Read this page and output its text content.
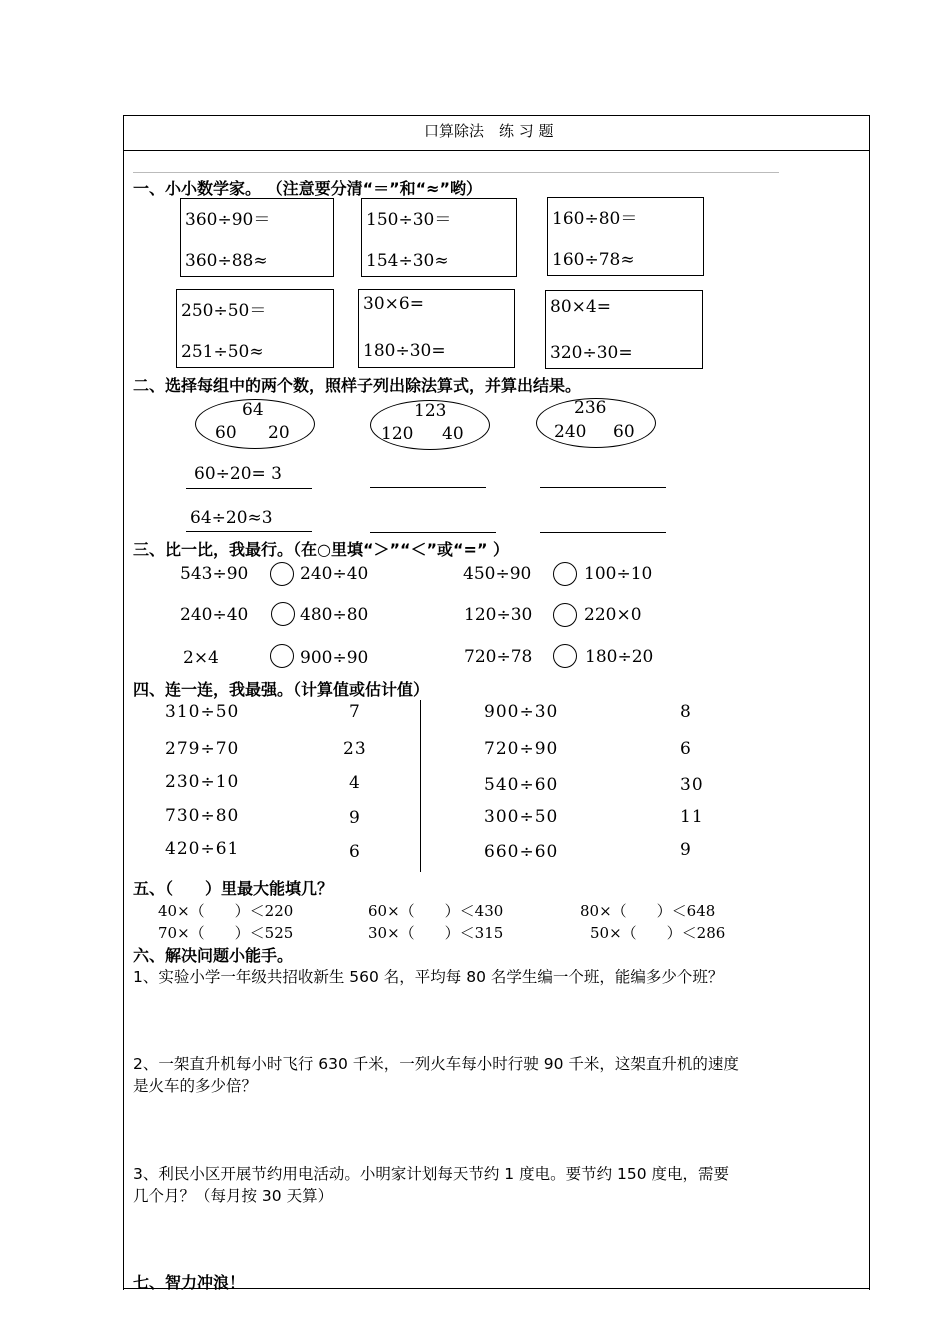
口算除法　练 习 题
一、小小数学家。 （注意要分清“＝”和“≈”哟）
360÷90＝
360÷88≈
150÷30＝
154÷30≈
160÷80＝
160÷78≈
250÷50＝
251÷50≈
30×6=
180÷30=
80×4=
320÷30=
二、选择每组中的两个数，照样子列出除法算式，并算出结果。
64
60 20
123
120 40
236
240 60
60÷20= 3
64÷20≈3
三、比一比，我最行。（在○里填“＞”“＜”或“=” ）
543÷90	240÷40	450÷90	100÷10
240÷40	480÷80	120÷30	220×0
2×4	900÷90	720÷78	180÷20
四、连一连，我最强。（计算值或估计值）
310÷50
279÷70
230÷10
730÷80
420÷61
7
23
4
9
6
900÷30
720÷90
540÷60
300÷50
660÷60
8
6
30
11
9
五、（　　）里最大能填几？
40×（　　）＜220	60×（　　）＜430	80×（　　）＜648
70×（　　）＜525	30×（　　）＜315	50×（　　）＜286
六、解决问题小能手。
1、实验小学一年级共招收新生 560 名，平均每 80 名学生编一个班，能编多少个班？
2、一架直升机每小时飞行 630 千米，一列火车每小时行驶 90 千米，这架直升机的速度
是火车的多少倍？
3、利民小区开展节约用电活动。小明家计划每天节约 1 度电。要节约 150 度电，需要
几个月？（每月按 30 天算）
七、智力冲浪！
